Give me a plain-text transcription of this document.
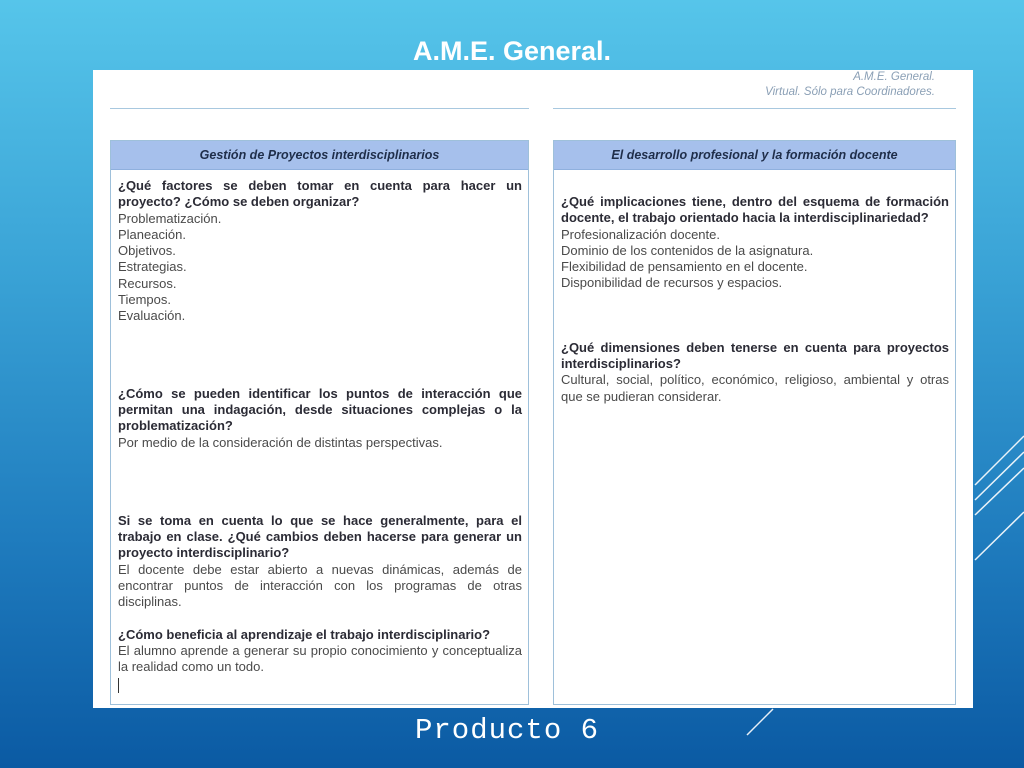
A.M.E. General.
A.M.E. General.
Virtual. Sólo para Coordinadores.
Gestión de Proyectos interdisciplinarios

¿Qué factores se deben tomar en cuenta para hacer un proyecto? ¿Cómo se deben organizar?

Problematización.

Planeación.

Objetivos.

Estrategias.

Recursos.

Tiempos.

Evaluación.

¿Cómo se pueden identificar los puntos de interacción que permitan una indagación, desde situaciones complejas o la problematización?

Por medio de la consideración de distintas perspectivas.

Si se toma en cuenta lo que se hace generalmente, para el trabajo en clase. ¿Qué cambios deben hacerse para generar un proyecto interdisciplinario?

El docente debe estar abierto a nuevas dinámicas, además de encontrar puntos de interacción con los programas de otras disciplinas.

¿Cómo beneficia al aprendizaje el trabajo interdisciplinario?

El alumno aprende a generar su propio conocimiento y conceptualiza la realidad como un todo.

El desarrollo profesional y la formación docente

¿Qué implicaciones tiene, dentro del esquema de formación docente, el trabajo orientado hacia la interdisciplinariedad?

Profesionalización docente.

Dominio de los contenidos de la asignatura.

Flexibilidad de pensamiento en el docente.

Disponibilidad de recursos y espacios.

¿Qué dimensiones deben tenerse en cuenta para proyectos interdisciplinarios?

Cultural, social, político, económico, religioso, ambiental y otras que se pudieran considerar.

Producto 6
